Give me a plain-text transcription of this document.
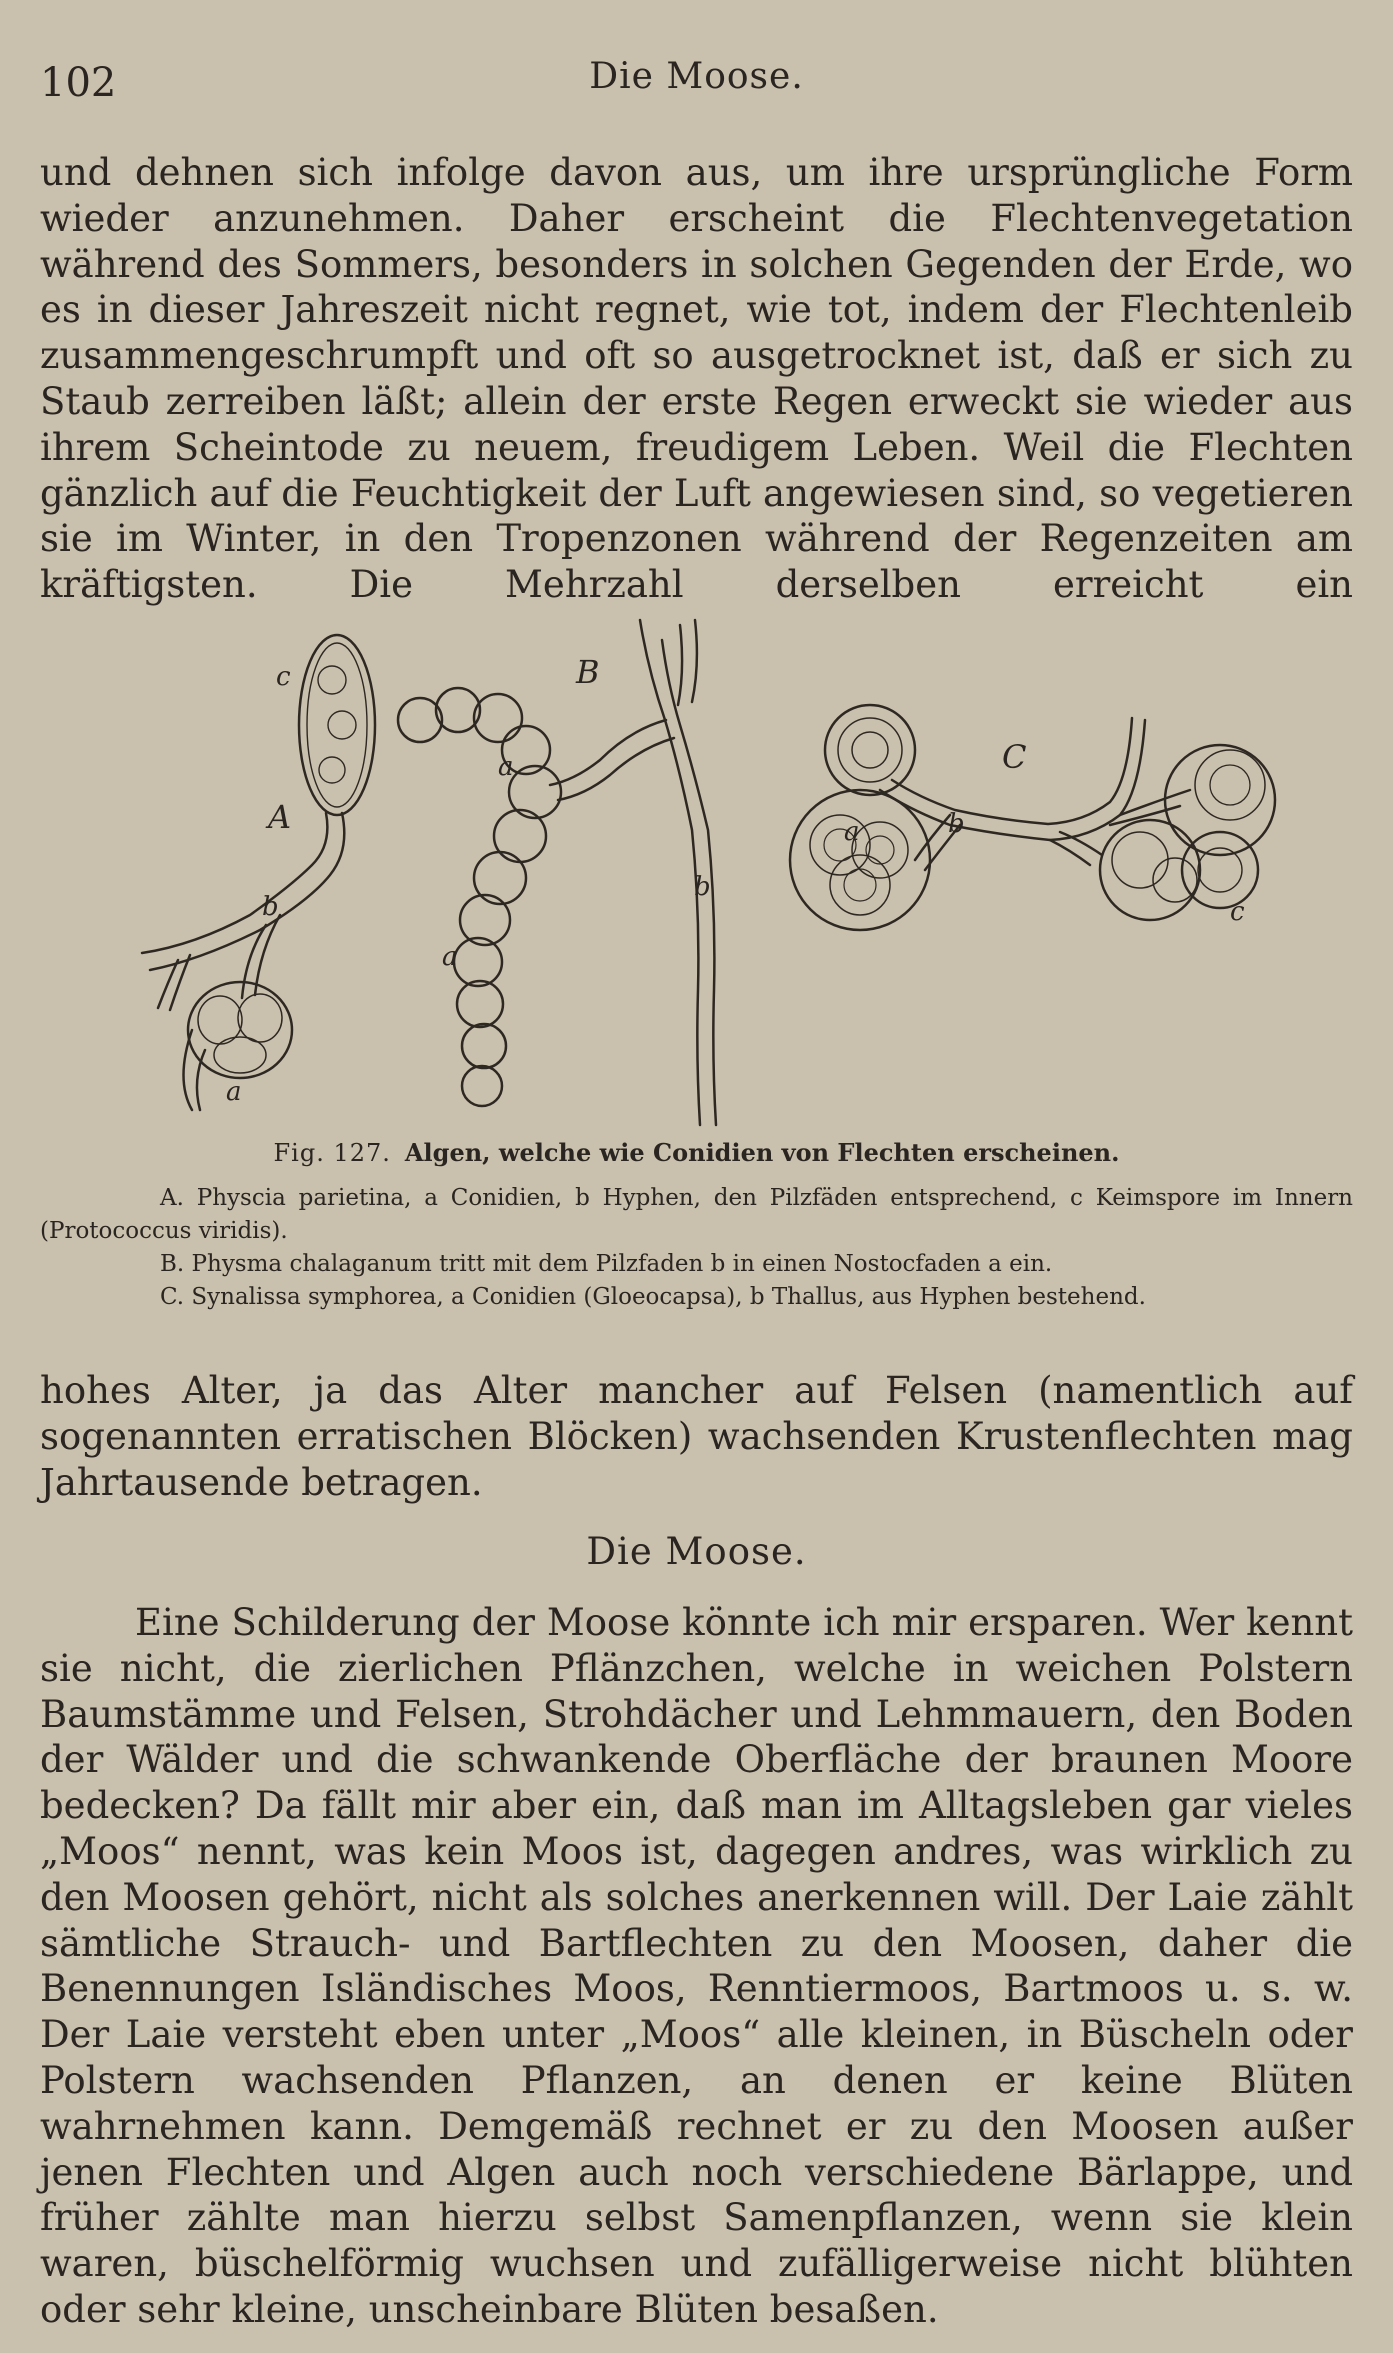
102	Die Moose.
und dehnen sich infolge davon aus, um ihre ursprüngliche Form wieder anzunehmen. Daher erscheint die Flechtenvegetation während des Sommers, besonders in solchen Gegenden der Erde, wo es in dieser Jahreszeit nicht regnet, wie tot, indem der Flechtenleib zusammengeschrumpft und oft so ausgetrocknet ist, daß er sich zu Staub zerreiben läßt; allein der erste Regen erweckt sie wieder aus ihrem Scheintode zu neuem, freudigem Leben. Weil die Flechten gänzlich auf die Feuchtigkeit der Luft angewiesen sind, so vegetieren sie im Winter, in den Tropenzonen während der Regenzeiten am kräftigsten. Die Mehrzahl derselben erreicht ein
c
A
b
a
B
a
b
a
C
a	b
c
Fig. 127. Algen, welche wie Conidien von Flechten erscheinen.
A. Physcia parietina, a Conidien, b Hyphen, den Pilzfäden entsprechend, c Keimspore im Innern (Protococcus viridis).
B. Physma chalaganum tritt mit dem Pilzfaden b in einen Nostocfaden a ein.
C. Synalissa symphorea, a Conidien (Gloeocapsa), b Thallus, aus Hyphen bestehend.
hohes Alter, ja das Alter mancher auf Felsen (namentlich auf sogenannten erratischen Blöcken) wachsenden Krustenflechten mag Jahrtausende betragen.
Die Moose.
Eine Schilderung der Moose könnte ich mir ersparen. Wer kennt sie nicht, die zierlichen Pflänzchen, welche in weichen Polstern Baumstämme und Felsen, Strohdächer und Lehmmauern, den Boden der Wälder und die schwankende Oberfläche der braunen Moore bedecken? Da fällt mir aber ein, daß man im Alltagsleben gar vieles „Moos“ nennt, was kein Moos ist, dagegen andres, was wirklich zu den Moosen gehört, nicht als solches anerkennen will. Der Laie zählt sämtliche Strauch- und Bartflechten zu den Moosen, daher die Benennungen Isländisches Moos, Renntiermoos, Bartmoos u. s. w. Der Laie versteht eben unter „Moos“ alle kleinen, in Büscheln oder Polstern wachsenden Pflanzen, an denen er keine Blüten wahrnehmen kann. Demgemäß rechnet er zu den Moosen außer jenen Flechten und Algen auch noch verschiedene Bärlappe, und früher zählte man hierzu selbst Samenpflanzen, wenn sie klein waren, büschelförmig wuchsen und zufälligerweise nicht blühten oder sehr kleine, unscheinbare Blüten besaßen.
